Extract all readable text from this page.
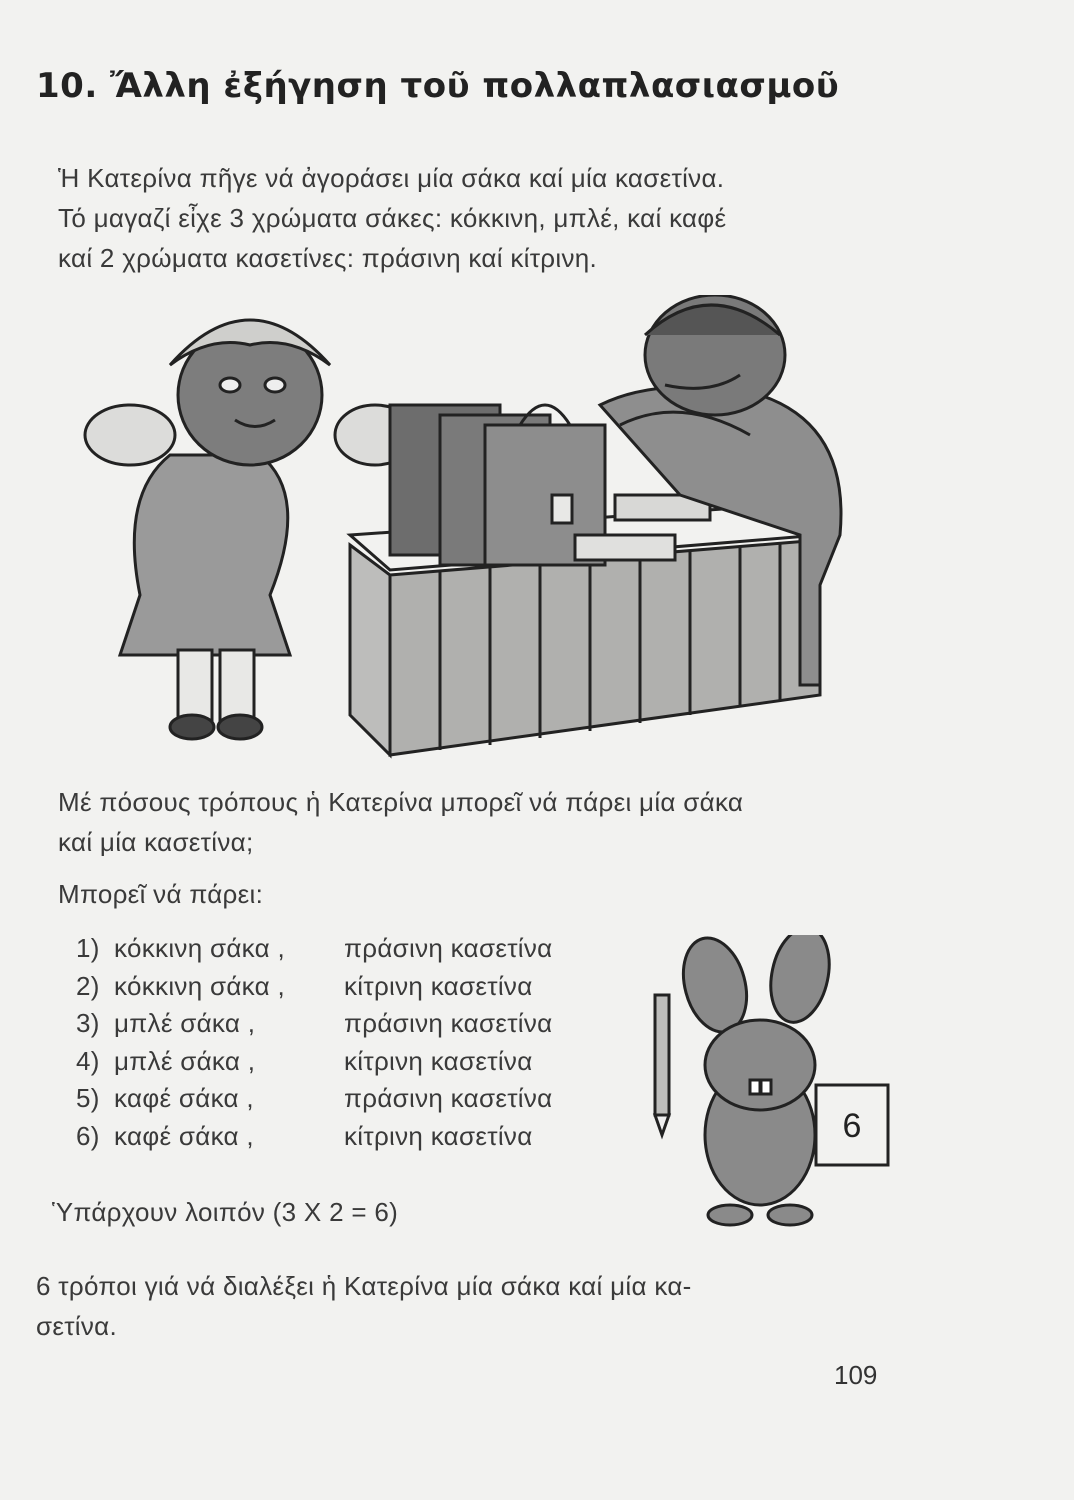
10. Ἄλλη ἐξήγηση τοῦ πολλαπλασιασμοῦ

Ἡ Κατερίνα πῆγε νά ἀγοράσει μία σάκα καί μία κασετίνα.
Τό μαγαζί εἶχε 3 χρώματα σάκες: κόκκινη, μπλέ, καί καφέ
καί 2 χρώματα κασετίνες: πράσινη καί κίτρινη.

Μέ πόσους τρόπους ἡ Κατερίνα μπορεῖ νά πάρει μία σάκα
καί μία κασετίνα;

Μπορεῖ νά πάρει:

1) κόκκινη σάκα ,	πράσινη κασετίνα
2) κόκκινη σάκα ,	κίτρινη κασετίνα
3) μπλέ σάκα ,	πράσινη κασετίνα
4) μπλέ σάκα ,	κίτρινη κασετίνα
5) καφέ σάκα ,	πράσινη κασετίνα
6) καφέ σάκα ,	κίτρινη κασετίνα	6

Ὑπάρχουν λοιπόν (3 X 2 = 6)

6 τρόποι γιά νά διαλέξει ἡ Κατερίνα μία σάκα καί μία κα-
σετίνα.

109
